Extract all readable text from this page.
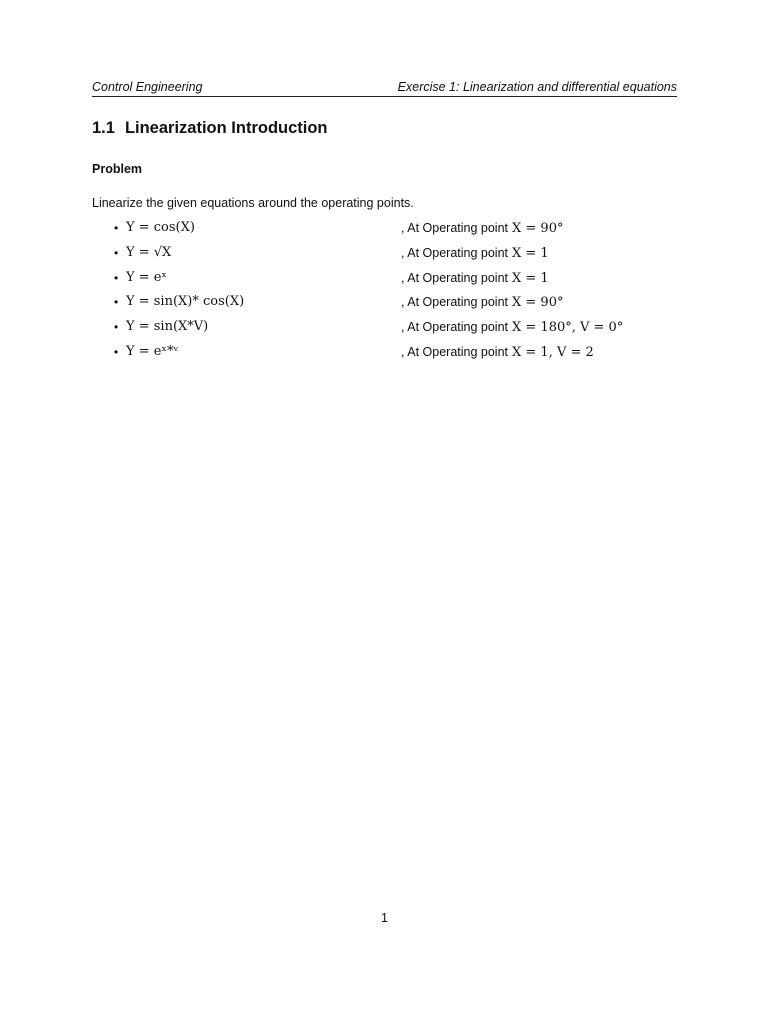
Control Engineering	Exercise 1: Linearization and differential equations
1.1 Linearization Introduction
Problem
Linearize the given equations around the operating points.
• Y = cos(X)	, At Operating point X = 90°
• Y = √X	, At Operating point X = 1
• Y = eˣ	, At Operating point X = 1
• Y = sin(X)* cos(X)	, At Operating point X = 90°
• Y = sin(X*V)	, At Operating point X = 180°, V = 0°
• Y = eˣ*ᵛ	, At Operating point X = 1, V = 2
1
